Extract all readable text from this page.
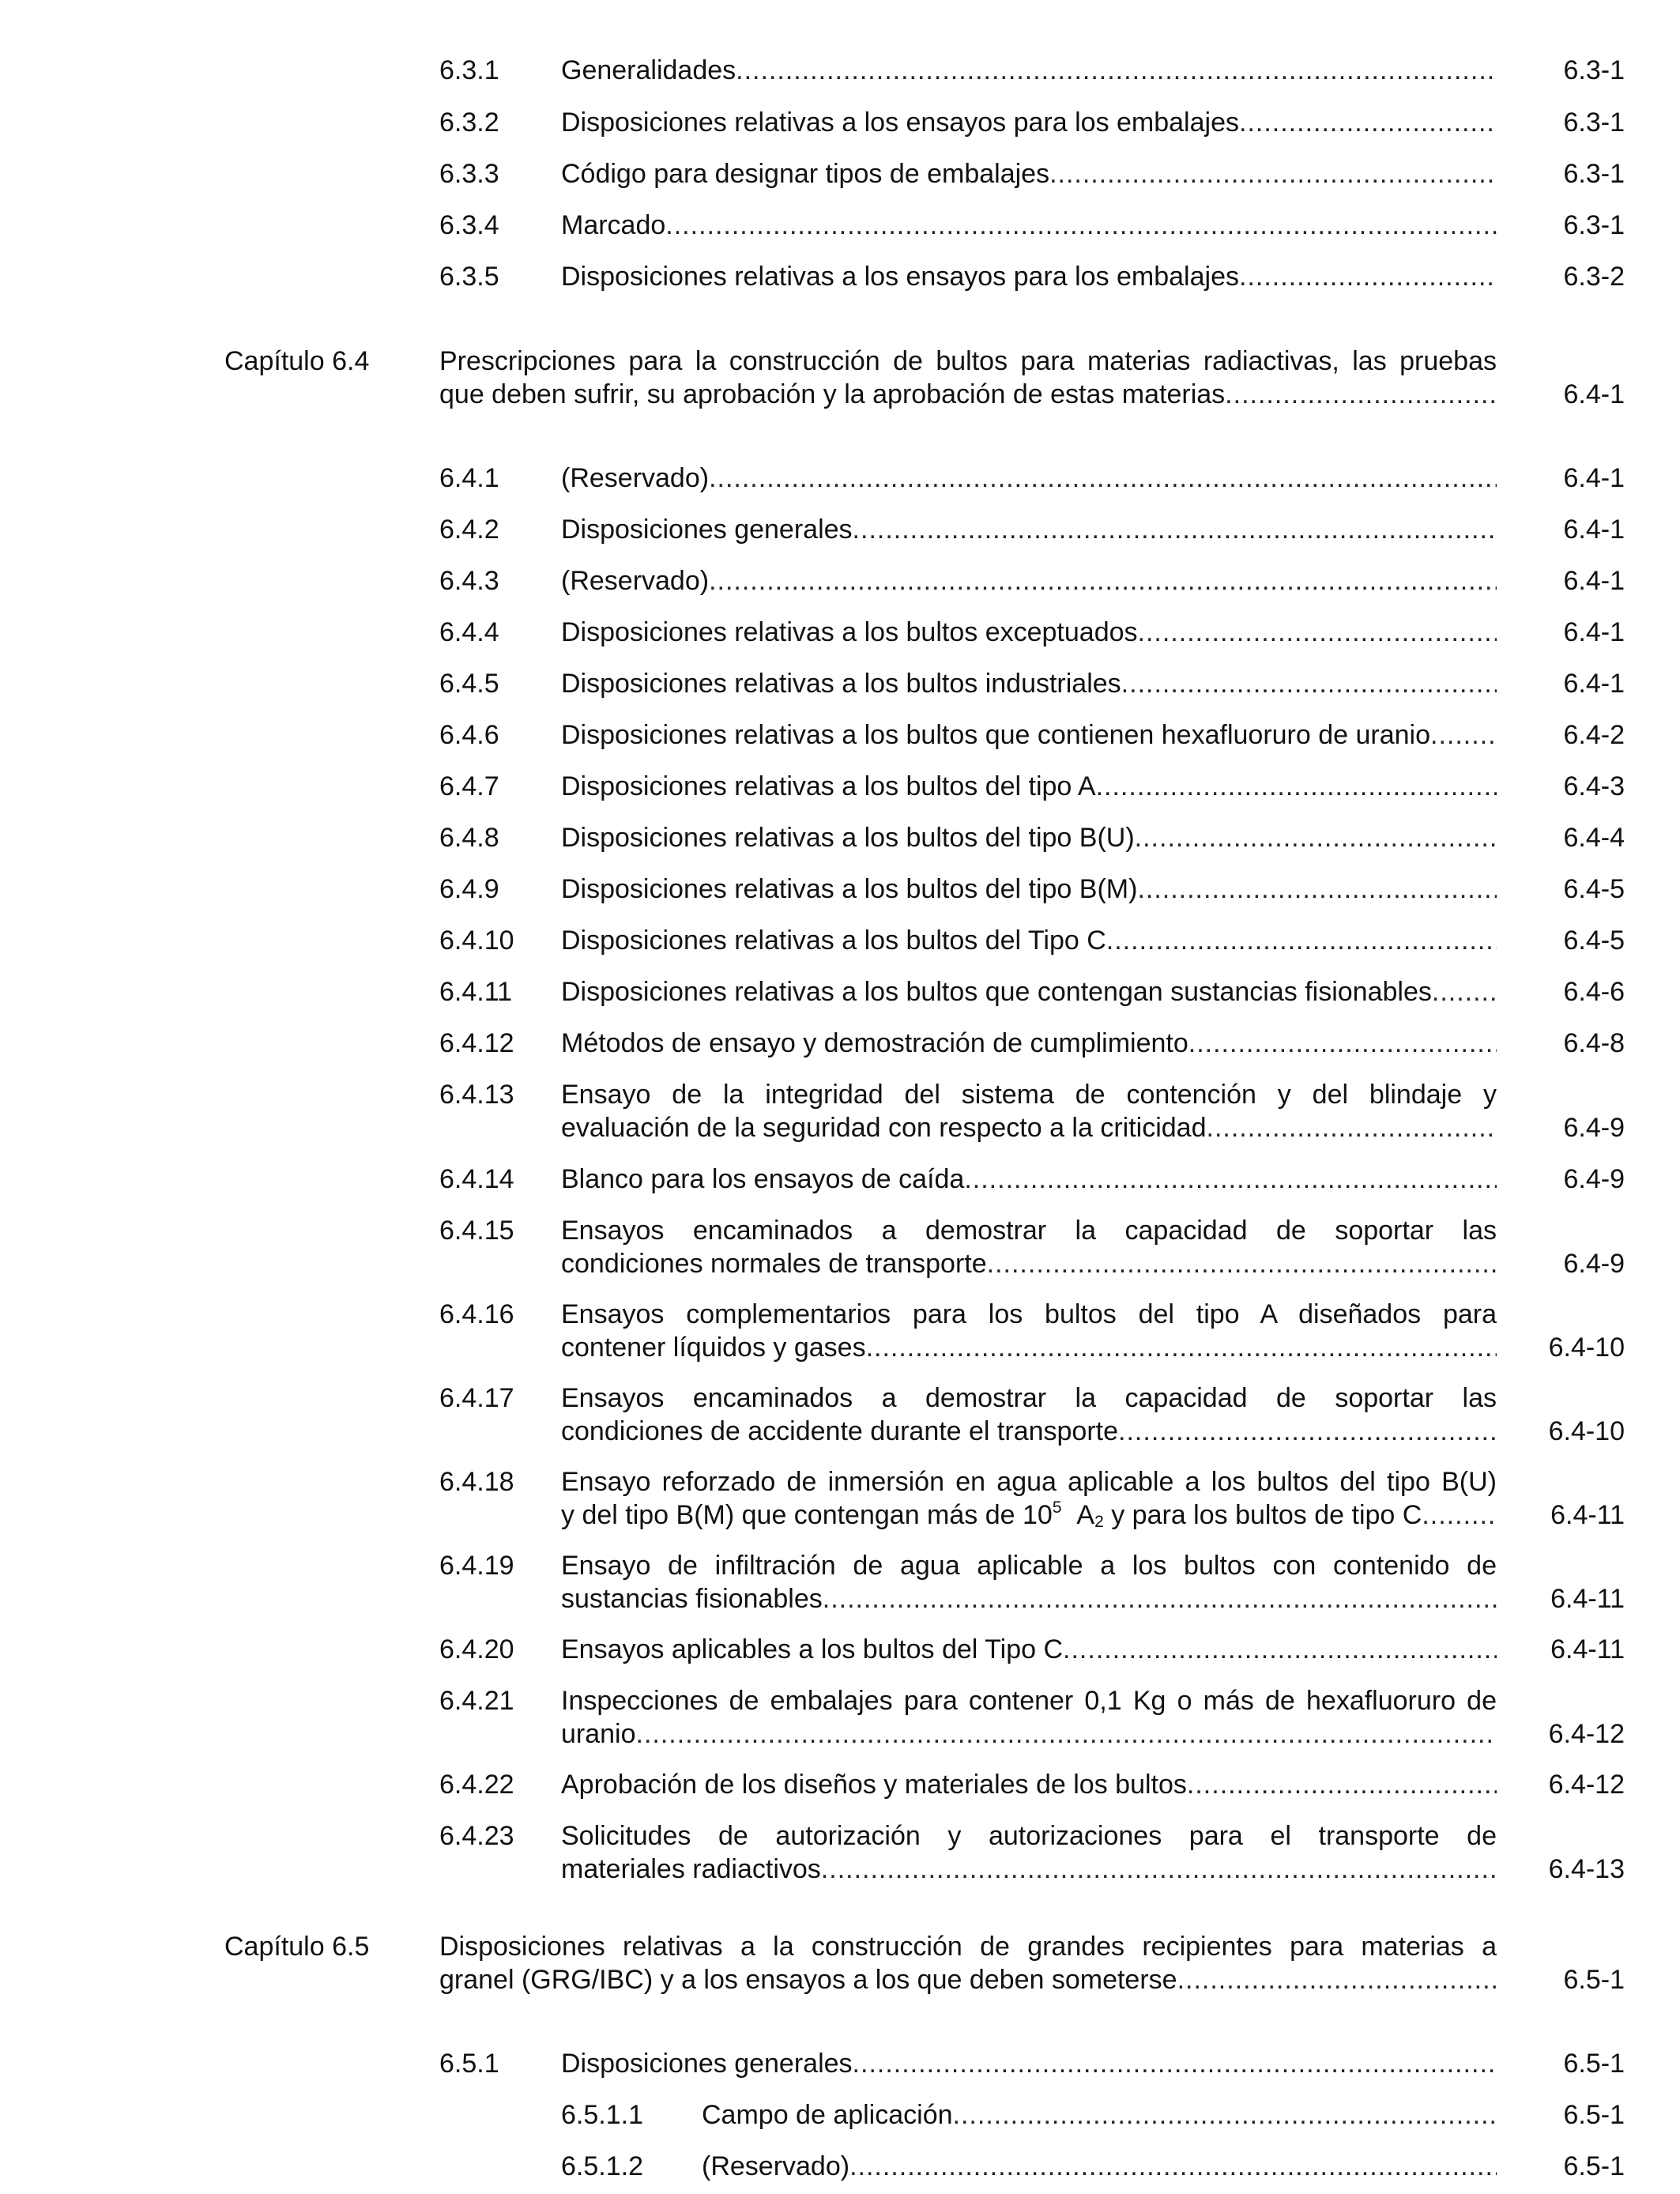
6.3.1 Generalidades .....	6.3-1
6.3.2 Disposiciones relativas a los ensayos para los embalajes .....	6.3-1
6.3.3 Código para designar tipos de embalajes .....	6.3-1
6.3.4 Marcado .....	6.3-1
6.3.5 Disposiciones relativas a los ensayos para los embalajes .....	6.3-2
Capítulo 6.4	Prescripciones para la construcción de bultos para materias radiactivas, las pruebas
que deben sufrir, su aprobación y la aprobación de estas materias .....	6.4-1
6.4.1 (Reservado) .....	6.4-1
6.4.2 Disposiciones generales .....	6.4-1
6.4.3 (Reservado) .....	6.4-1
6.4.4 Disposiciones relativas a los bultos exceptuados .....	6.4-1
6.4.5 Disposiciones relativas a los bultos industriales .....	6.4-1
6.4.6 Disposiciones relativas a los bultos que contienen hexafluoruro de uranio .....	6.4-2
6.4.7 Disposiciones relativas a los bultos del tipo A .....	6.4-3
6.4.8 Disposiciones relativas a los bultos del tipo B(U) .....	6.4-4
6.4.9 Disposiciones relativas a los bultos del tipo B(M) .....	6.4-5
6.4.10 Disposiciones relativas a los bultos del Tipo C .....	6.4-5
6.4.11 Disposiciones relativas a los bultos que contengan sustancias fisionables .....	6.4-6
6.4.12 Métodos de ensayo y demostración de cumplimiento .....	6.4-8
6.4.13 Ensayo de la integridad del sistema de contención y del blindaje y
evaluación de la seguridad con respecto a la criticidad .....	6.4-9
6.4.14 Blanco para los ensayos de caída .....	6.4-9
6.4.15 Ensayos encaminados a demostrar la capacidad de soportar las
condiciones normales de transporte .....	6.4-9
6.4.16 Ensayos complementarios para los bultos del tipo A diseñados para
contener líquidos y gases .....	6.4-10
6.4.17 Ensayos encaminados a demostrar la capacidad de soportar las
condiciones de accidente durante el transporte .....	6.4-10
6.4.18 Ensayo reforzado de inmersión en agua aplicable a los bultos del tipo B(U)
y del tipo B(M) que contengan más de $10^5$ $A_2$ y para los bultos de tipo C .....	6.4-11
6.4.19 Ensayo de infiltración de agua aplicable a los bultos con contenido de
sustancias fisionables .....	6.4-11
6.4.20 Ensayos aplicables a los bultos del Tipo C .....	6.4-11
6.4.21 Inspecciones de embalajes para contener 0,1 Kg o más de hexafluoruro de
uranio .....	6.4-12
6.4.22 Aprobación de los diseños y materiales de los bultos .....	6.4-12
6.4.23 Solicitudes de autorización y autorizaciones para el transporte de
materiales radiactivos .....	6.4-13
Capítulo 6.5	Disposiciones relativas a la construcción de grandes recipientes para materias a
granel (GRG/IBC) y a los ensayos a los que deben someterse .....	6.5-1
6.5.1 Disposiciones generales .....	6.5-1
6.5.1.1 Campo de aplicación .....	6.5-1
6.5.1.2 (Reservado) .....	6.5-1
